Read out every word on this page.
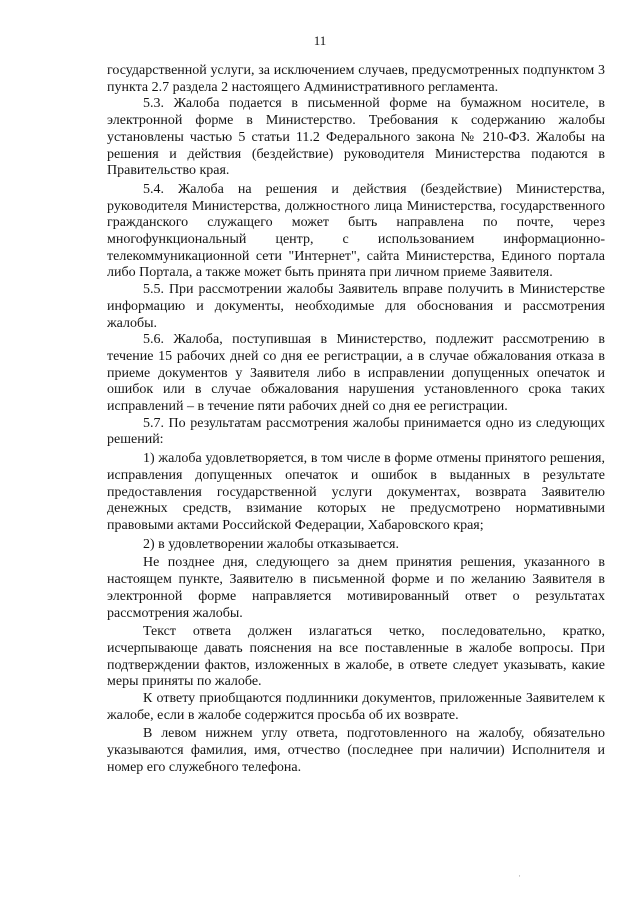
11

государственной услуги, за исключением случаев, предусмотренных подпунктом 3 пункта 2.7 раздела 2 настоящего Административного регламента.

5.3. Жалоба подается в письменной форме на бумажном носителе, в электронной форме в Министерство. Требования к содержанию жалобы установлены частью 5 статьи 11.2 Федерального закона № 210-ФЗ. Жалобы на решения и действия (бездействие) руководителя Министерства подаются в Правительство края.

5.4. Жалоба на решения и действия (бездействие) Министерства, руководителя Министерства, должностного лица Министерства, государственного гражданского служащего может быть направлена по почте, через многофункциональный центр, с использованием информационно-телекоммуникационной сети "Интернет", сайта Министерства, Единого портала либо Портала, а также может быть принята при личном приеме Заявителя.

5.5. При рассмотрении жалобы Заявитель вправе получить в Министерстве информацию и документы, необходимые для обоснования и рассмотрения жалобы.

5.6. Жалоба, поступившая в Министерство, подлежит рассмотрению в течение 15 рабочих дней со дня ее регистрации, а в случае обжалования отказа в приеме документов у Заявителя либо в исправлении допущенных опечаток и ошибок или в случае обжалования нарушения установленного срока таких исправлений – в течение пяти рабочих дней со дня ее регистрации.

5.7. По результатам рассмотрения жалобы принимается одно из следующих решений:

1) жалоба удовлетворяется, в том числе в форме отмены принятого решения, исправления допущенных опечаток и ошибок в выданных в результате предоставления государственной услуги документах, возврата Заявителю денежных средств, взимание которых не предусмотрено нормативными правовыми актами Российской Федерации, Хабаровского края;

2) в удовлетворении жалобы отказывается.

Не позднее дня, следующего за днем принятия решения, указанного в настоящем пункте, Заявителю в письменной форме и по желанию Заявителя в электронной форме направляется мотивированный ответ о результатах рассмотрения жалобы.

Текст ответа должен излагаться четко, последовательно, кратко, исчерпывающе давать пояснения на все поставленные в жалобе вопросы. При подтверждении фактов, изложенных в жалобе, в ответе следует указывать, какие меры приняты по жалобе.

К ответу приобщаются подлинники документов, приложенные Заявителем к жалобе, если в жалобе содержится просьба об их возврате.

В левом нижнем углу ответа, подготовленного на жалобу, обязательно указываются фамилия, имя, отчество (последнее при наличии) Исполнителя и номер его служебного телефона.

·
